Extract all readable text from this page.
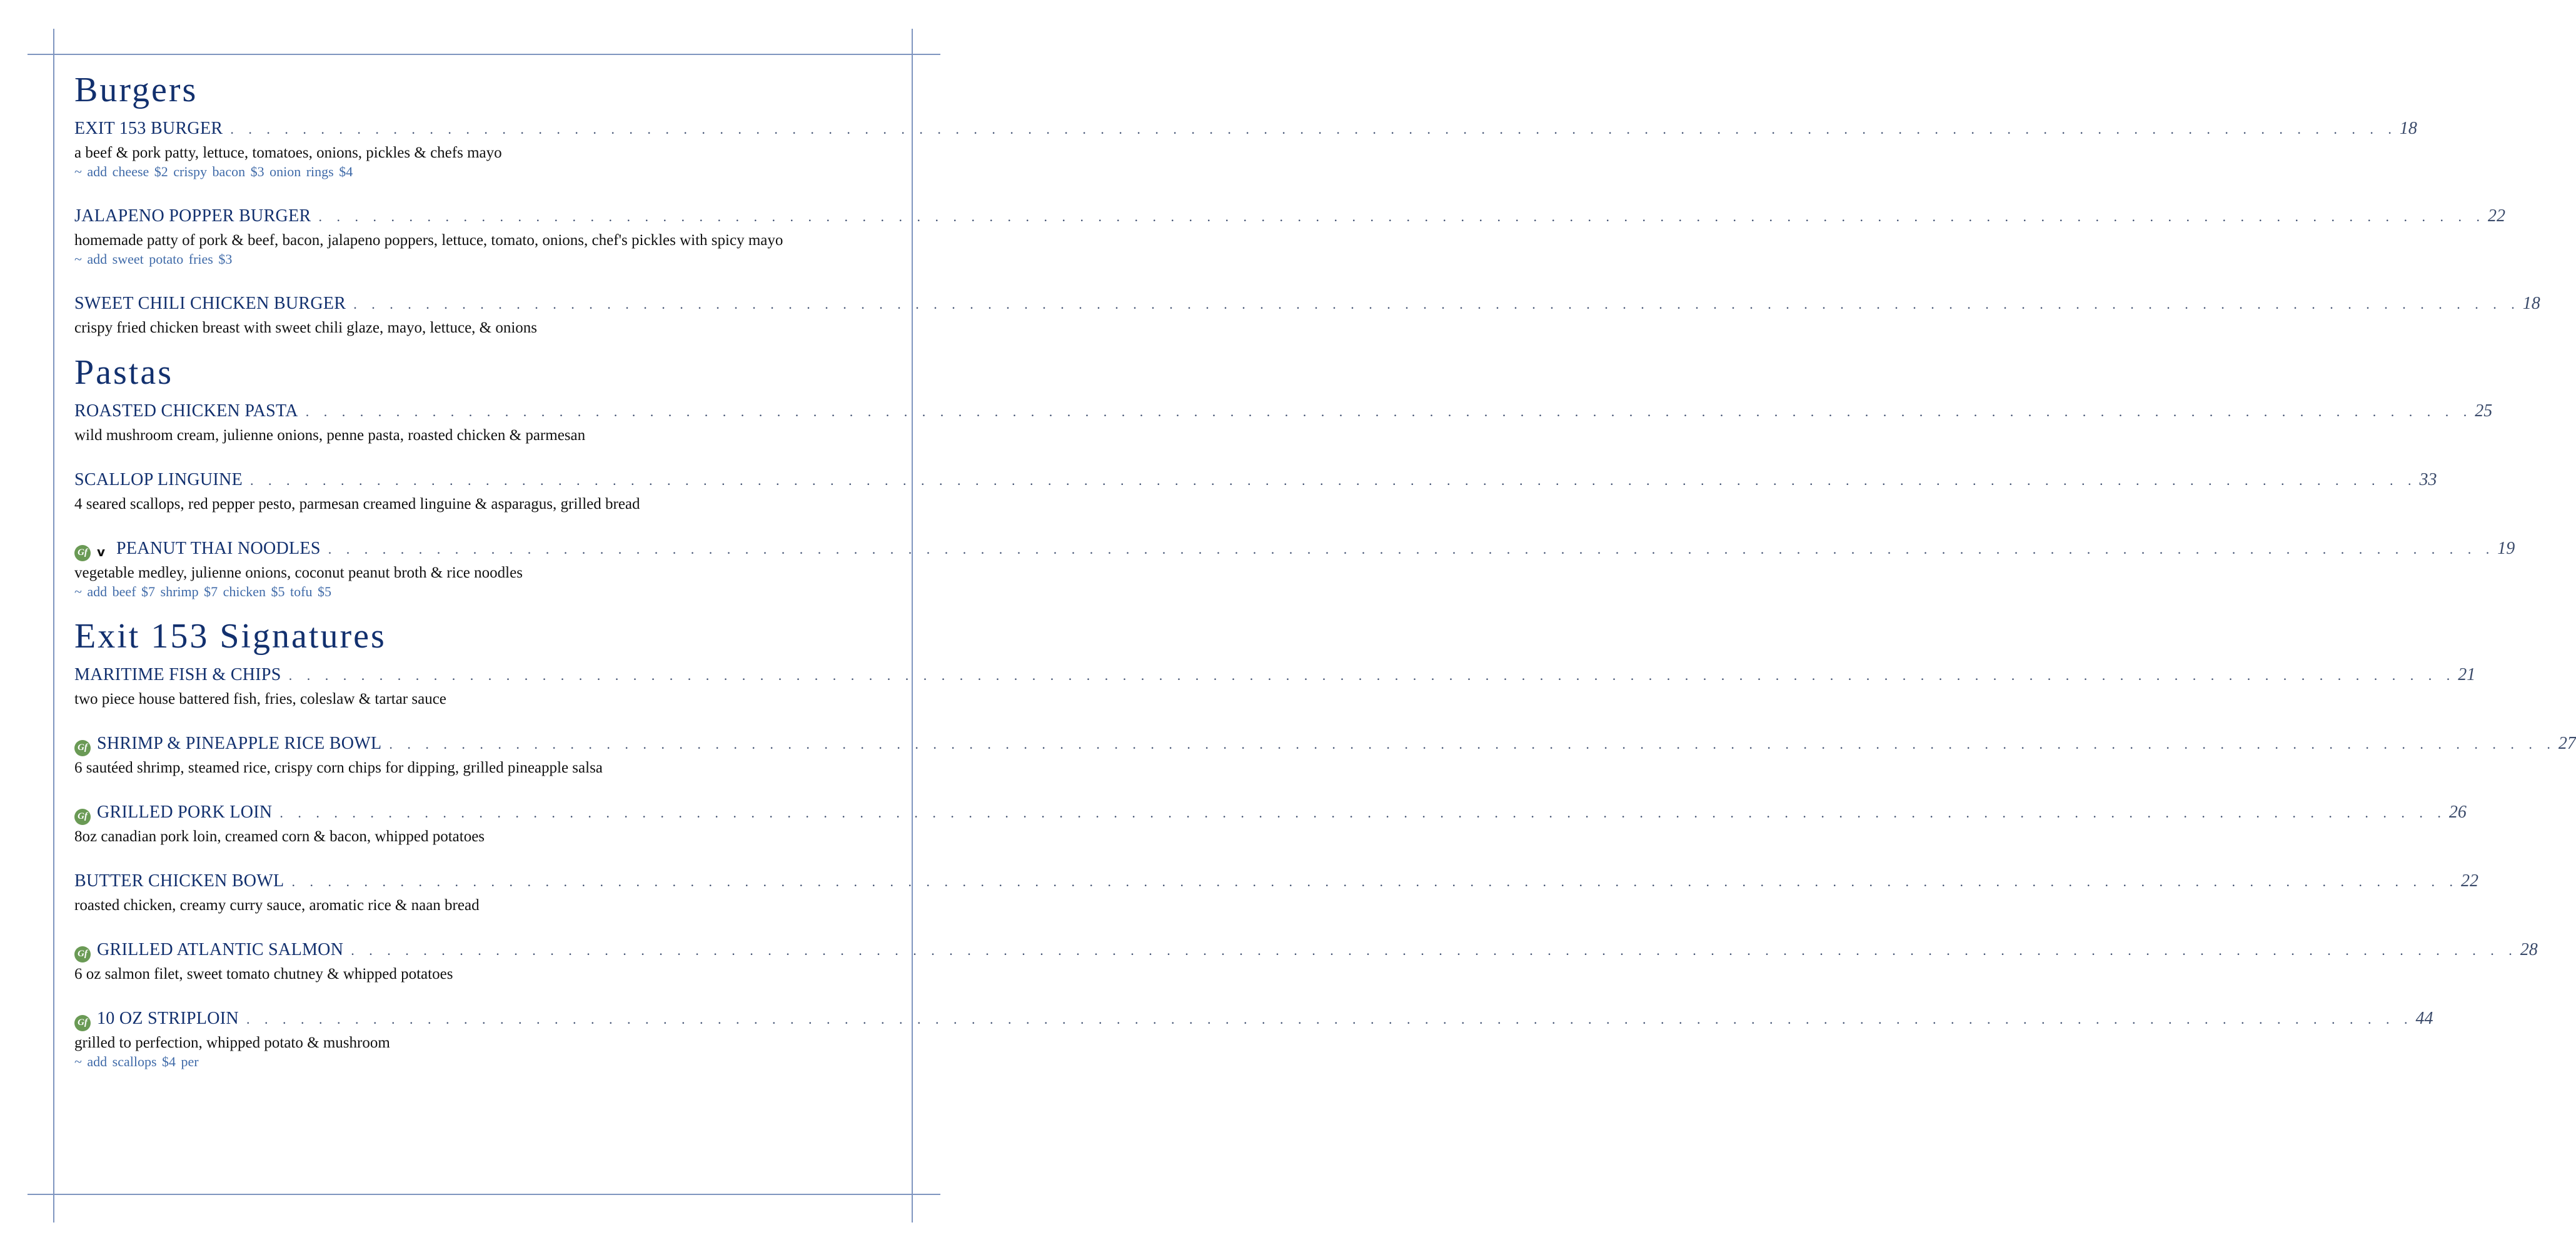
Burgers
EXIT 153 BURGER . . . . . . . . . . . . . . . . . . . . . . . . . . . . . . . . . . . . . . . . . . . . . . . . . . . . . . . . . . . . . . . . . . . . . . . . . . . . . . . . . . . . . . . . . . . . . . . . . . . . . . . . . . . . . . . . . . . . . . . . 18
a beef & pork patty, lettuce, tomatoes, onions, pickles & chefs mayo
~ add cheese $2 crispy bacon $3 onion rings $4
JALAPENO POPPER BURGER . . . . . . . . . . . . . . . . . . . . . . . . . . . . . . . . . . . . . . . . . . . . . . . . . . . . . . . . . . . . . . . . . . . . . . . . . . . . . . . . . . . . . . . . . . . . . . . . . . . . . . . . . . . . . . . . . . . . . . . . 22
homemade patty of pork & beef, bacon, jalapeno poppers, lettuce, tomato, onions, chef's pickles with spicy mayo
~ add sweet potato fries $3
SWEET CHILI CHICKEN BURGER . . . . . . . . . . . . . . . . . . . . . . . . . . . . . . . . . . . . . . . . . . . . . . . . . . . . . . . . . . . . . . . . . . . . . . . . . . . . . . . . . . . . . . . . . . . . . . . . . . . . . . . . . . . . . . . . . . . . . . . . 18
crispy fried chicken breast with sweet chili glaze, mayo, lettuce, & onions
Pastas
ROASTED CHICKEN PASTA . . . . . . . . . . . . . . . . . . . . . . . . . . . . . . . . . . . . . . . . . . . . . . . . . . . . . . . . . . . . . . . . . . . . . . . . . . . . . . . . . . . . . . . . . . . . . . . . . . . . . . . . . . . . . . . . . . . . . . . . 25
wild mushroom cream, julienne onions, penne pasta, roasted chicken & parmesan
SCALLOP LINGUINE . . . . . . . . . . . . . . . . . . . . . . . . . . . . . . . . . . . . . . . . . . . . . . . . . . . . . . . . . . . . . . . . . . . . . . . . . . . . . . . . . . . . . . . . . . . . . . . . . . . . . . . . . . . . . . . . . . . . . . . . 33
4 seared scallops, red pepper pesto, parmesan creamed linguine & asparagus, grilled bread
Gf v PEANUT THAI NOODLES . . . . . . . . . . . . . . . . . . . . . . . . . . . . . . . . . . . . . . . . . . . . . . . . . . . . . . . . . . . . . . . . . . . . . . . . . . . . . . . . . . . . . . . . . . . . . . . . . . . . . . . . . . . . . . . . . . . . . . . . 19
vegetable medley, julienne onions, coconut peanut broth & rice noodles
~ add beef $7 shrimp $7 chicken $5 tofu $5
Exit 153 Signatures
MARITIME FISH & CHIPS . . . . . . . . . . . . . . . . . . . . . . . . . . . . . . . . . . . . . . . . . . . . . . . . . . . . . . . . . . . . . . . . . . . . . . . . . . . . . . . . . . . . . . . . . . . . . . . . . . . . . . . . . . . . . . . . . . . . . . . . 21
two piece house battered fish, fries, coleslaw & tartar sauce
Gf SHRIMP & PINEAPPLE RICE BOWL . . . . . . . . . . . . . . . . . . . . . . . . . . . . . . . . . . . . . . . . . . . . . . . . . . . . . . . . . . . . . . . . . . . . . . . . . . . . . . . . . . . . . . . . . . . . . . . . . . . . . . . . . . . . . . . . . . . . . . . . 27
6 sautéed shrimp, steamed rice, crispy corn chips for dipping, grilled pineapple salsa
Gf GRILLED PORK LOIN . . . . . . . . . . . . . . . . . . . . . . . . . . . . . . . . . . . . . . . . . . . . . . . . . . . . . . . . . . . . . . . . . . . . . . . . . . . . . . . . . . . . . . . . . . . . . . . . . . . . . . . . . . . . . . . . . . . . . . . . 26
8oz canadian pork loin, creamed corn & bacon, whipped potatoes
BUTTER CHICKEN BOWL . . . . . . . . . . . . . . . . . . . . . . . . . . . . . . . . . . . . . . . . . . . . . . . . . . . . . . . . . . . . . . . . . . . . . . . . . . . . . . . . . . . . . . . . . . . . . . . . . . . . . . . . . . . . . . . . . . . . . . . . 22
roasted chicken, creamy curry sauce, aromatic rice & naan bread
Gf GRILLED ATLANTIC SALMON . . . . . . . . . . . . . . . . . . . . . . . . . . . . . . . . . . . . . . . . . . . . . . . . . . . . . . . . . . . . . . . . . . . . . . . . . . . . . . . . . . . . . . . . . . . . . . . . . . . . . . . . . . . . . . . . . . . . . . . . 28
6 oz salmon filet, sweet tomato chutney & whipped potatoes
Gf 10 OZ STRIPLOIN . . . . . . . . . . . . . . . . . . . . . . . . . . . . . . . . . . . . . . . . . . . . . . . . . . . . . . . . . . . . . . . . . . . . . . . . . . . . . . . . . . . . . . . . . . . . . . . . . . . . . . . . . . . . . . . . . . . . . . . . 44
grilled to perfection, whipped potato & mushroom
~ add scallops $4 per
